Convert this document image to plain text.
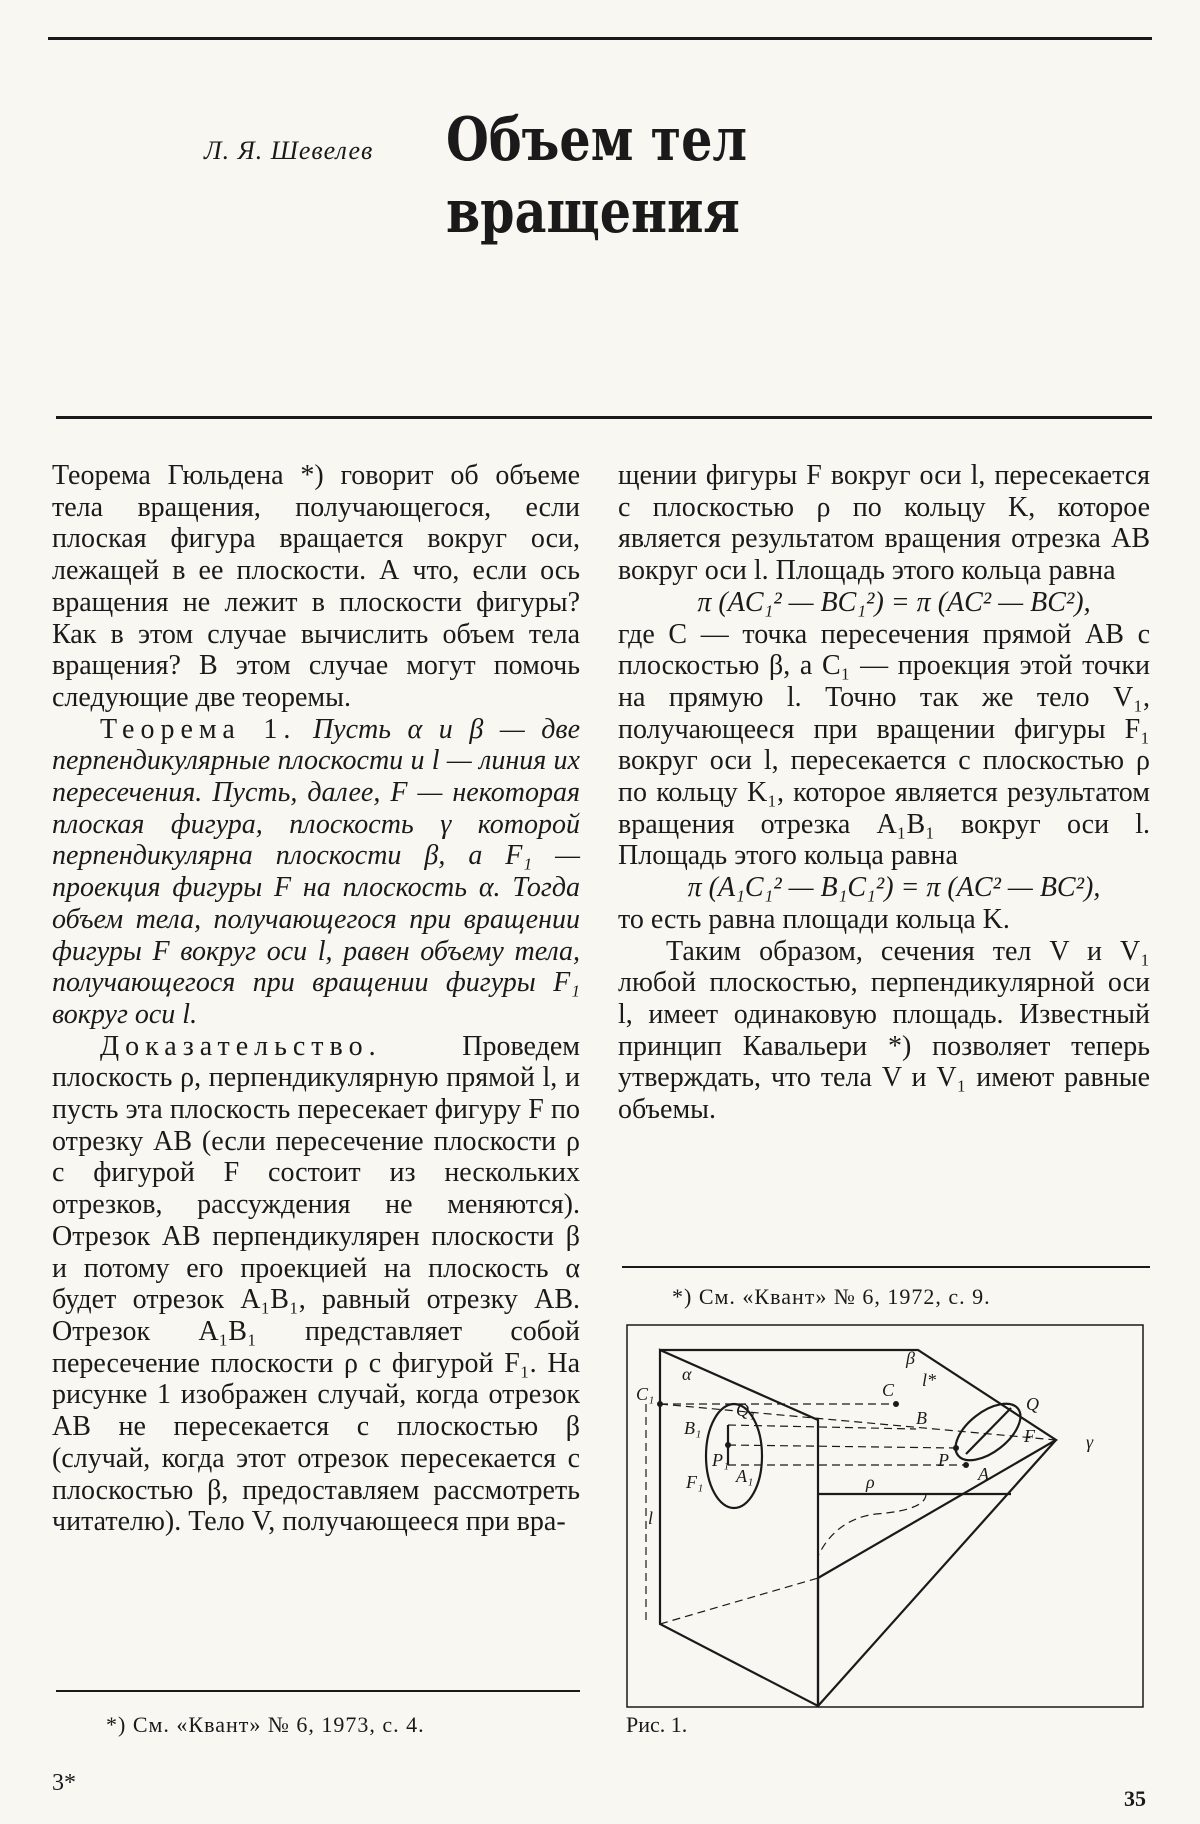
Л. Я. Шевелев Объем тел
вращения

Теорема Гюльдена *) говорит об объеме тела вращения, получающегося, если плоская фигура вращается вокруг оси, лежащей в ее плоскости. А что, если ось вращения не лежит в плоскости фигуры? Как в этом случае вычислить объем тела вращения? В этом случае могут помочь следующие две теоремы.

Теорема 1. Пусть α и β — две перпендикулярные плоскости и l — линия их пересечения. Пусть, далее, F — некоторая плоская фигура, плоскость γ которой перпендикулярна плоскости β, а F₁ — проекция фигуры F на плоскость α. Тогда объем тела, получающегося при вращении фигуры F вокруг оси l, равен объему тела, получающегося при вращении фигуры F₁ вокруг оси l.

Доказательство.	Проведем плоскость ρ, перпендикулярную прямой l, и пусть эта плоскость пересекает фигуру F по отрезку AB (если пересечение плоскости ρ с фигурой F состоит из нескольких отрезков, рассуждения не меняются). Отрезок AB перпендикулярен плоскости β и потому его проекцией на плоскость α будет отрезок A₁B₁, равный отрезку AB. Отрезок A₁B₁ представляет собой пересечение плоскости ρ с фигурой F₁. На рисунке 1 изображен случай, когда отрезок AB не пересекается с плоскостью β (случай, когда этот отрезок пересекается с плоскостью β, предоставляем рассмотреть читателю). Тело V, получающееся при вра-

щении фигуры F вокруг оси l, пересекается с плоскостью ρ по кольцу K, которое является результатом вращения отрезка AB вокруг оси l. Площадь этого кольца равна

π (AC₁² — BC₁²) = π (AC² — BC²),

где C — точка пересечения прямой AB с плоскостью β, а C₁ — проекция этой точки на прямую l. Точно так же тело V₁, получающееся при вращении фигуры F₁ вокруг оси l, пересекается с плоскостью ρ по кольцу K₁, которое является результатом вращения отрезка A₁B₁ вокруг оси l. Площадь этого кольца равна

π (A₁C₁² — B₁C₁²) = π (AC² — BC²),

то есть равна площади кольца K.

Таким образом, сечения тел V и V₁ любой плоскостью, перпендикулярной оси l, имеет одинаковую площадь. Известный принцип Кавальери *) позволяет теперь утверждать, что тела V и V₁ имеют равные объемы.

*) См. «Квант» № 6, 1972, с. 9.
α
β
γ
l
l*
C₁	C
B₁
Q₁
P₁
A₁
F₁	ρ
B
P
A
Q
F
Рис. 1.
*) См. «Квант» № 6, 1973, с. 4.
3*
35
